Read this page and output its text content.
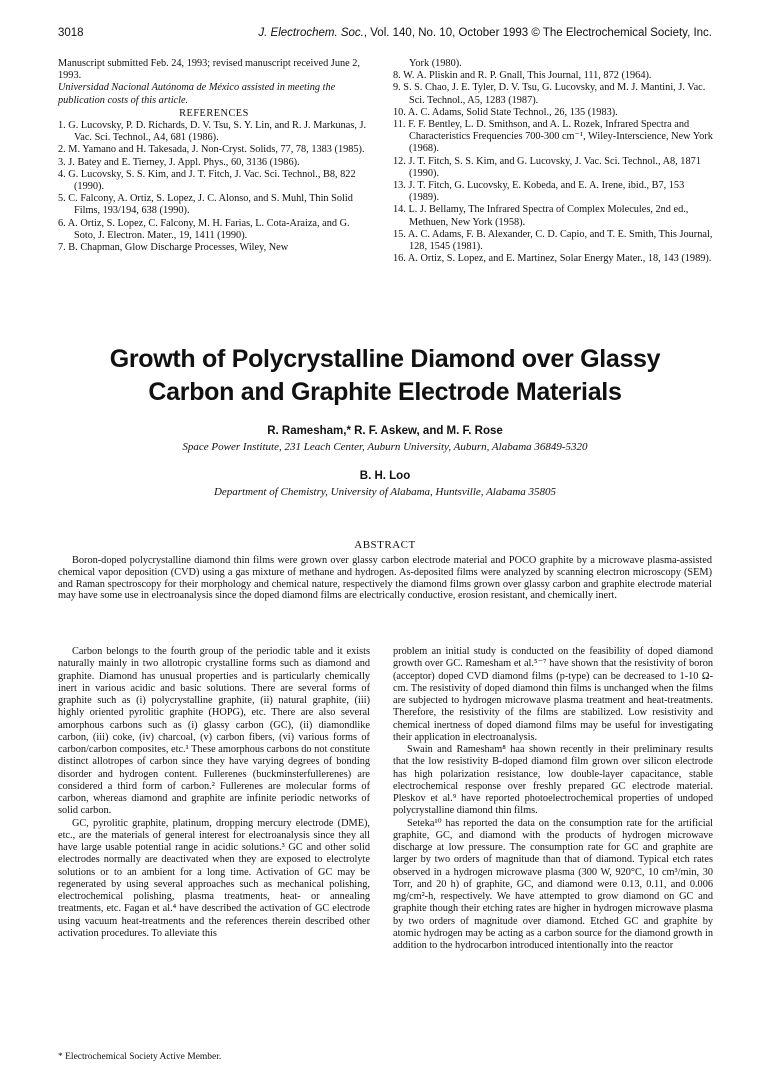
3018	J. Electrochem. Soc., Vol. 140, No. 10, October 1993 © The Electrochemical Society, Inc.

Manuscript submitted Feb. 24, 1993; revised manuscript received June 2, 1993.

Universidad Nacional Autónoma de México assisted in meeting the publication costs of this article.

REFERENCES

1. G. Lucovsky, P. D. Richards, D. V. Tsu, S. Y. Lin, and R. J. Markunas, J. Vac. Sci. Technol., A4, 681 (1986).

2. M. Yamano and H. Takesada, J. Non-Cryst. Solids, 77, 78, 1383 (1985).

3. J. Batey and E. Tierney, J. Appl. Phys., 60, 3136 (1986).

4. G. Lucovsky, S. S. Kim, and J. T. Fitch, J. Vac. Sci. Technol., B8, 822 (1990).

5. C. Falcony, A. Ortiz, S. Lopez, J. C. Alonso, and S. Muhl, Thin Solid Films, 193/194, 638 (1990).

6. A. Ortiz, S. Lopez, C. Falcony, M. H. Farias, L. Cota-Araiza, and G. Soto, J. Electron. Mater., 19, 1411 (1990).

7. B. Chapman, Glow Discharge Processes, Wiley, New

York (1980).

8. W. A. Pliskin and R. P. Gnall, This Journal, 111, 872 (1964).

9. S. S. Chao, J. E. Tyler, D. V. Tsu, G. Lucovsky, and M. J. Mantini, J. Vac. Sci. Technol., A5, 1283 (1987).

10. A. C. Adams, Solid State Technol., 26, 135 (1983).

11. F. F. Bentley, L. D. Smithson, and A. L. Rozek, Infrared Spectra and Characteristics Frequencies 700-300 cm⁻¹, Wiley-Interscience, New York (1968).

12. J. T. Fitch, S. S. Kim, and G. Lucovsky, J. Vac. Sci. Technol., A8, 1871 (1990).

13. J. T. Fitch, G. Lucovsky, E. Kobeda, and E. A. Irene, ibid., B7, 153 (1989).

14. L. J. Bellamy, The Infrared Spectra of Complex Molecules, 2nd ed., Methuen, New York (1958).

15. A. C. Adams, F. B. Alexander, C. D. Capio, and T. E. Smith, This Journal, 128, 1545 (1981).

16. A. Ortiz, S. Lopez, and E. Martinez, Solar Energy Mater., 18, 143 (1989).

Growth of Polycrystalline Diamond over Glassy

Carbon and Graphite Electrode Materials

R. Ramesham,* R. F. Askew, and M. F. Rose

Space Power Institute, 231 Leach Center, Auburn University, Auburn, Alabama 36849-5320

B. H. Loo

Department of Chemistry, University of Alabama, Huntsville, Alabama 35805

ABSTRACT

Boron-doped polycrystalline diamond thin films were grown over glassy carbon electrode material and POCO graphite by a microwave plasma-assisted chemical vapor deposition (CVD) using a gas mixture of methane and hydrogen. As-deposited films were analyzed by scanning electron microscopy (SEM) and Raman spectroscopy for their morphology and chemical nature, respectively the diamond films grown over glassy carbon and graphite electrode material may have some use in electroanalysis since the doped diamond films are electrically conductive, erosion resistant, and chemically inert.

Carbon belongs to the fourth group of the periodic table and it exists naturally mainly in two allotropic crystalline forms such as diamond and graphite. Diamond has unusual properties and is particularly chemically inert in various acidic and basic solutions. There are several forms of graphite such as (i) polycrystalline graphite, (ii) natural graphite, (iii) highly oriented pyrolitic graphite (HOPG), etc. There are also several amorphous carbons such as (i) glassy carbon (GC), (ii) diamondlike carbon, (iii) coke, (iv) charcoal, (v) carbon fibers, (vi) various forms of carbon/carbon composites, etc.¹ These amorphous carbons do not constitute distinct allotropes of carbon since they have varying degrees of bonding disorder and hydrogen content. Fullerenes (buckminsterfullerenes) are considered a third form of carbon.² Fullerenes are molecular forms of carbon, whereas diamond and graphite are infinite periodic networks of solid carbon.

GC, pyrolitic graphite, platinum, dropping mercury electrode (DME), etc., are the materials of general interest for electroanalysis since they all have large usable potential range in acidic solutions.³ GC and other solid electrodes normally are deactivated when they are exposed to electrolyte solutions or to an ambient for a long time. Activation of GC may be regenerated by using several approaches such as mechanical polishing, electrochemical polishing, plasma treatments, heat- or annealing treatments, etc. Fagan et al.⁴ have described the activation of GC electrode using vacuum heat-treatments and the references therein described other activation procedures. To alleviate this

* Electrochemical Society Active Member.

problem an initial study is conducted on the feasibility of doped diamond growth over GC. Ramesham et al.⁵⁻⁷ have shown that the resistivity of boron (acceptor) doped CVD diamond films (p-type) can be decreased to 1-10 Ω-cm. The resistivity of doped diamond thin films is unchanged when the films are subjected to hydrogen microwave plasma treatment and heat-treatments. Therefore, the resistivity of the films are stabilized. Low resistivity and chemical inertness of doped diamond films may be useful for investigating their application in electroanalysis.

Swain and Ramesham⁸ haa shown recently in their preliminary results that the low resistivity B-doped diamond film grown over silicon electrode has high polarization resistance, low double-layer capacitance, stable electrochemical response over freshly prepared GC electrode material. Pleskov et al.⁹ have reported photoelectrochemical properties of undoped polycrystalline diamond thin films.

Seteka¹⁰ has reported the data on the consumption rate for the artificial graphite, GC, and diamond with the products of hydrogen microwave discharge at low pressure. The consumption rate for GC and graphite are larger by two orders of magnitude than that of diamond. Typical etch rates observed in a hydrogen microwave plasma (300 W, 920°C, 10 cm³/min, 30 Torr, and 20 h) of graphite, GC, and diamond were 0.13, 0.11, and 0.006 mg/cm²-h, respectively. We have attempted to grow diamond on GC and graphite though their etching rates are higher in hydrogen microwave plasma by two orders of magnitude over diamond. Etched GC and graphite by atomic hydrogen may be acting as a carbon source for the diamond growth in addition to the hydrocarbon introduced intentionally into the reactor
